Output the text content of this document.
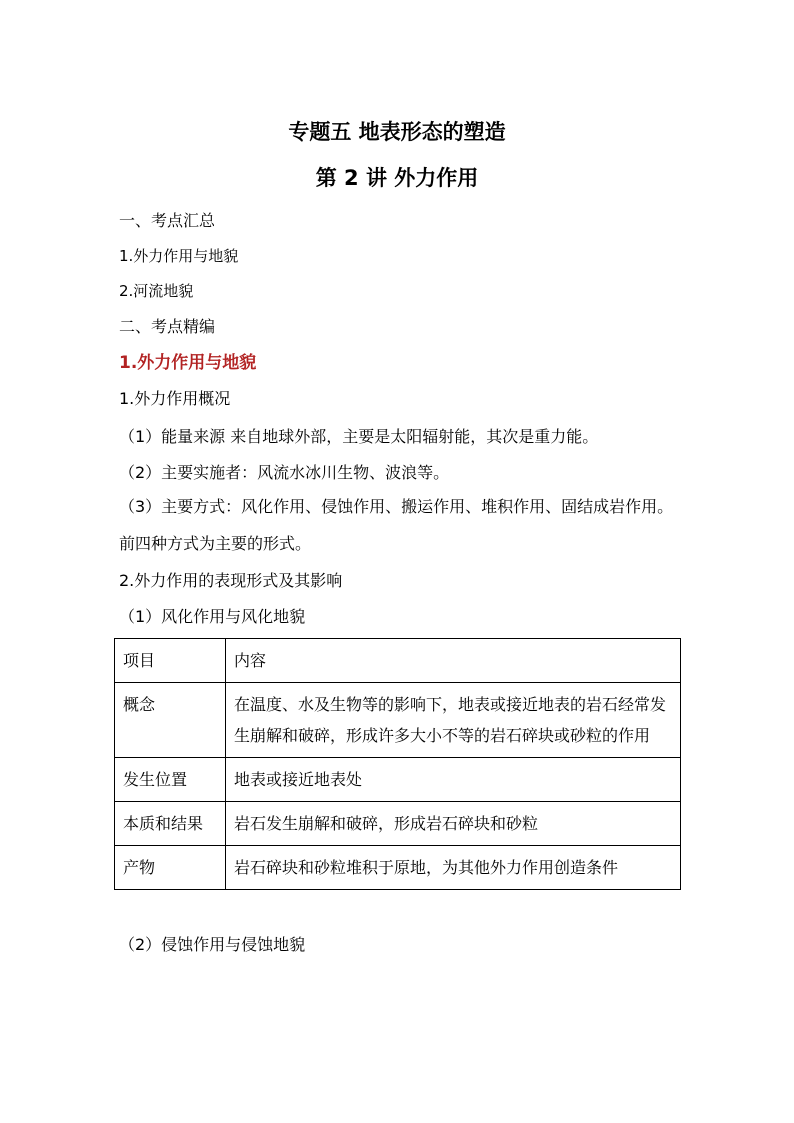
专题五 地表形态的塑造
第 2 讲 外力作用
一、考点汇总
1.外力作用与地貌
2.河流地貌
二、考点精编
1.外力作用与地貌
1.外力作用概况
（1）能量来源 来自地球外部，主要是太阳辐射能，其次是重力能。
（2）主要实施者：风流水冰川生物、波浪等。
（3）主要方式：风化作用、侵蚀作用、搬运作用、堆积作用、固结成岩作用。前四种方式为主要的形式。
2.外力作用的表现形式及其影响
（1）风化作用与风化地貌
项目	内容
概念	在温度、水及生物等的影响下，地表或接近地表的岩石经常发生崩解和破碎，形成许多大小不等的岩石碎块或砂粒的作用
发生位置	地表或接近地表处
本质和结果	岩石发生崩解和破碎，形成岩石碎块和砂粒
产物	岩石碎块和砂粒堆积于原地，为其他外力作用创造条件
（2）侵蚀作用与侵蚀地貌
